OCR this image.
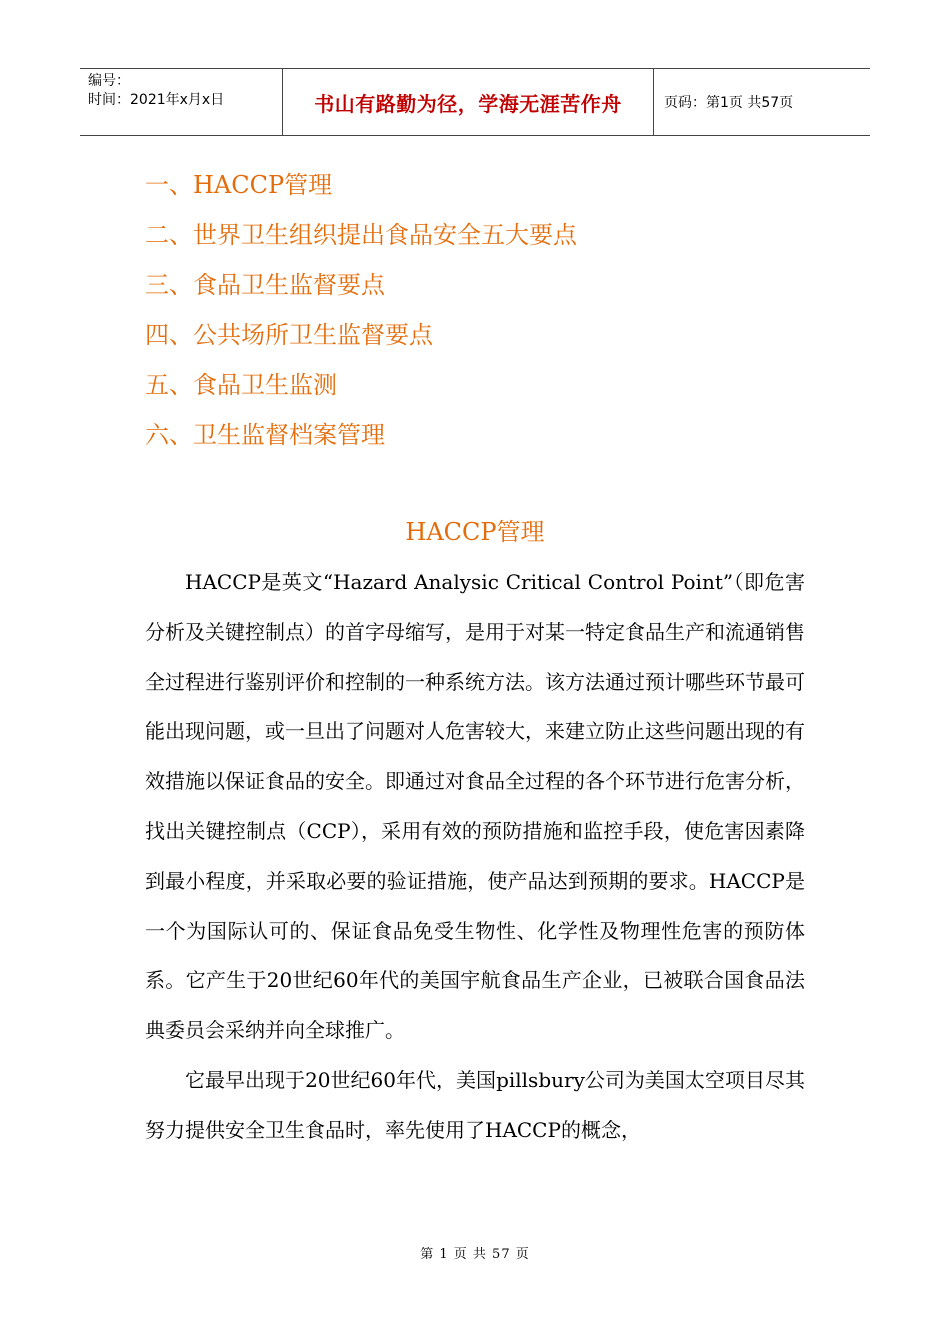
编号：
时间：2021年x月x日	书山有路勤为径，学海无涯苦作舟	页码：第1页 共57页
一、HACCP管理
二、世界卫生组织提出食品安全五大要点
三、食品卫生监督要点
四、公共场所卫生监督要点
五、食品卫生监测
六、卫生监督档案管理
HACCP管理

HACCP是英文“Hazard Analysic Critical Control Point”（即危害分析及关键控制点）的首字母缩写，是用于对某一特定食品生产和流通销售全过程进行鉴别评价和控制的一种系统方法。该方法通过预计哪些环节最可能出现问题，或一旦出了问题对人危害较大，来建立防止这些问题出现的有效措施以保证食品的安全。即通过对食品全过程的各个环节进行危害分析，找出关键控制点（CCP），采用有效的预防措施和监控手段，使危害因素降到最小程度，并采取必要的验证措施，使产品达到预期的要求。HACCP是一个为国际认可的、保证食品免受生物性、化学性及物理性危害的预防体系。它产生于20世纪60年代的美国宇航食品生产企业，已被联合国食品法典委员会采纳并向全球推广。

它最早出现于20世纪60年代，美国pillsbury公司为美国太空项目尽其努力提供安全卫生食品时，率先使用了HACCP的概念，

第 1 页 共 57 页
